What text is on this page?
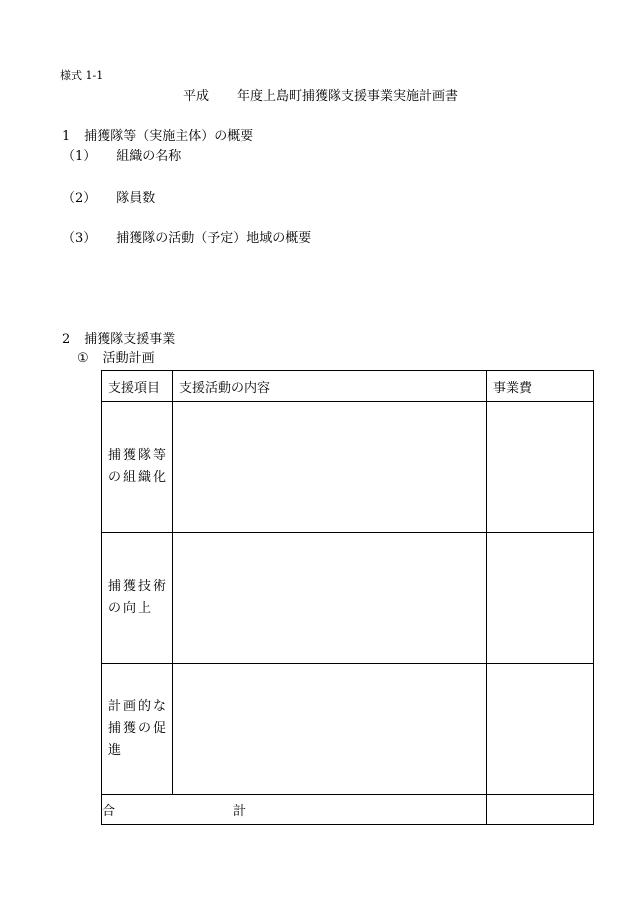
様式 1-1
平成 年度上島町捕獲隊支援事業実施計画書
1 捕獲隊等（実施主体）の概要
（1） 組織の名称
（2） 隊員数
（3） 捕獲隊の活動（予定）地域の概要
2 捕獲隊支援事業
① 活動計画
支援項目	支援活動の内容	事業費

捕獲隊等の組織化		

捕獲技術の向上		

計画的な捕獲の促進		

合 計		
